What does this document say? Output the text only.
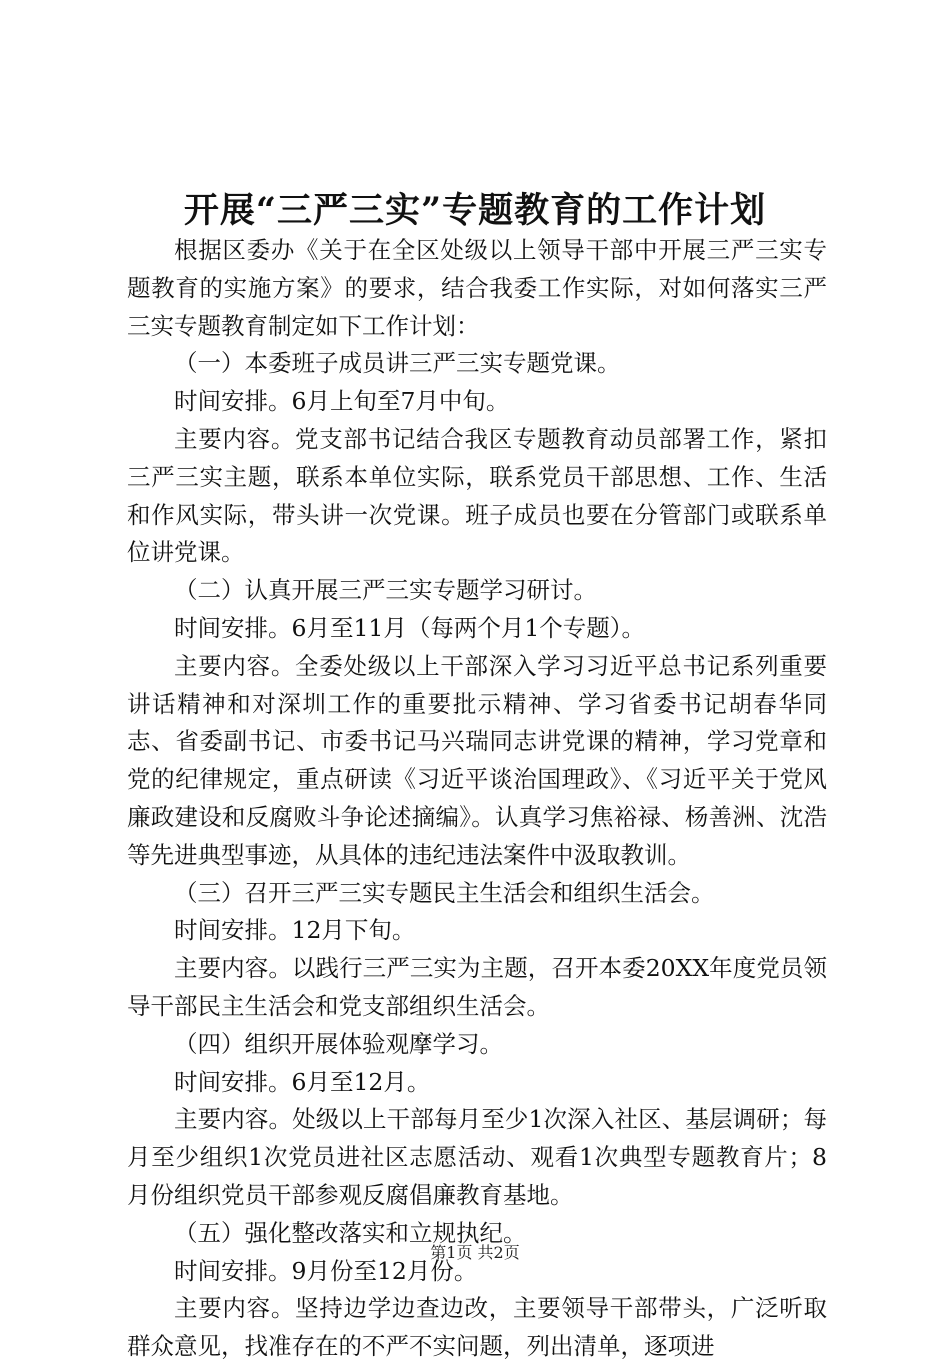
开展“三严三实”专题教育的工作计划

根据区委办《关于在全区处级以上领导干部中开展三严三实专题教育的实施方案》的要求，结合我委工作实际，对如何落实三严三实专题教育制定如下工作计划：

（一）本委班子成员讲三严三实专题党课。

时间安排。6月上旬至7月中旬。

主要内容。党支部书记结合我区专题教育动员部署工作，紧扣三严三实主题，联系本单位实际，联系党员干部思想、工作、生活和作风实际，带头讲一次党课。班子成员也要在分管部门或联系单位讲党课。

（二）认真开展三严三实专题学习研讨。

时间安排。6月至11月（每两个月1个专题）。

主要内容。全委处级以上干部深入学习习近平总书记系列重要讲话精神和对深圳工作的重要批示精神、学习省委书记胡春华同志、省委副书记、市委书记马兴瑞同志讲党课的精神，学习党章和党的纪律规定，重点研读《习近平谈治国理政》、《习近平关于党风廉政建设和反腐败斗争论述摘编》。认真学习焦裕禄、杨善洲、沈浩等先进典型事迹，从具体的违纪违法案件中汲取教训。

（三）召开三严三实专题民主生活会和组织生活会。

时间安排。12月下旬。

主要内容。以践行三严三实为主题，召开本委20XX年度党员领导干部民主生活会和党支部组织生活会。

（四）组织开展体验观摩学习。

时间安排。6月至12月。

主要内容。处级以上干部每月至少1次深入社区、基层调研；每月至少组织1次党员进社区志愿活动、观看1次典型专题教育片；8月份组织党员干部参观反腐倡廉教育基地。

（五）强化整改落实和立规执纪。

时间安排。9月份至12月份。

主要内容。坚持边学边查边改，主要领导干部带头，广泛听取群众意见，找准存在的不严不实问题，列出清单，逐项进

第1页 共2页
